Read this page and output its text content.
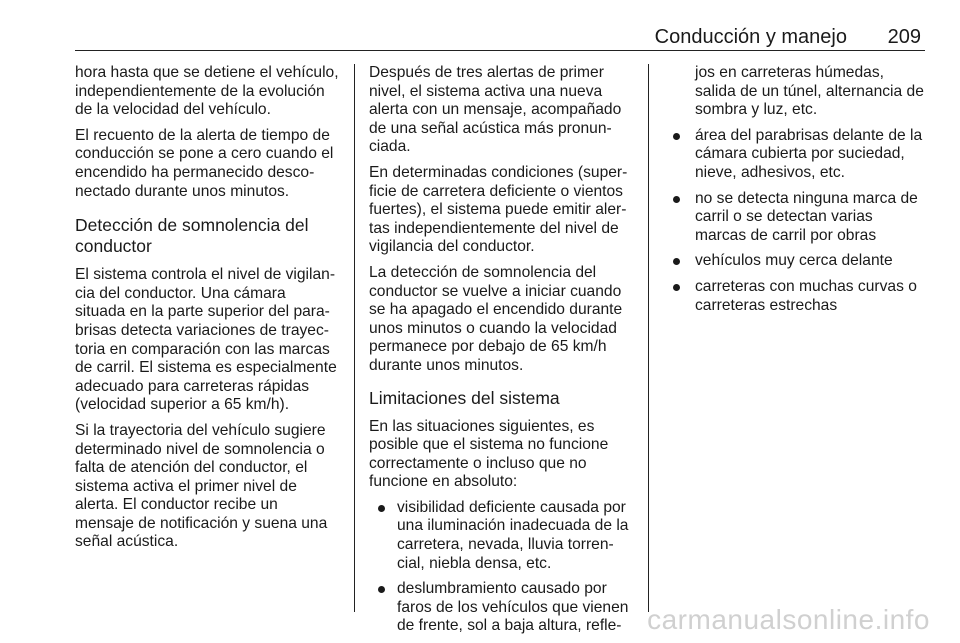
Conducción y manejo 209

hora hasta que se detiene el vehículo, independientemente de la evolución de la velocidad del vehículo.

El recuento de la alerta de tiempo de conducción se pone a cero cuando el encendido ha permanecido desconectado durante unos minutos.

Detección de somnolencia del conductor

El sistema controla el nivel de vigilancia del conductor. Una cámara situada en la parte superior del parabrisas detecta variaciones de trayectoria en comparación con las marcas de carril. El sistema es especialmente adecuado para carreteras rápidas (velocidad superior a 65 km/h).

Si la trayectoria del vehículo sugiere determinado nivel de somnolencia o falta de atención del conductor, el sistema activa el primer nivel de alerta. El conductor recibe un mensaje de notificación y suena una señal acústica.

Después de tres alertas de primer nivel, el sistema activa una nueva alerta con un mensaje, acompañado de una señal acústica más pronunciada.

En determinadas condiciones (superficie de carretera deficiente o vientos fuertes), el sistema puede emitir alertas independientemente del nivel de vigilancia del conductor.

La detección de somnolencia del conductor se vuelve a iniciar cuando se ha apagado el encendido durante unos minutos o cuando la velocidad permanece por debajo de 65 km/h durante unos minutos.

Limitaciones del sistema

En las situaciones siguientes, es posible que el sistema no funcione correctamente o incluso que no funcione en absoluto:

visibilidad deficiente causada por una iluminación inadecuada de la carretera, nevada, lluvia torrencial, niebla densa, etc.
deslumbramiento causado por faros de los vehículos que vienen de frente, sol a baja altura, refle-

jos en carreteras húmedas, salida de un túnel, alternancia de sombra y luz, etc.

área del parabrisas delante de la cámara cubierta por suciedad, nieve, adhesivos, etc.
no se detecta ninguna marca de carril o se detectan varias marcas de carril por obras
vehículos muy cerca delante
carreteras con muchas curvas o carreteras estrechas
carmanualsonline.info
